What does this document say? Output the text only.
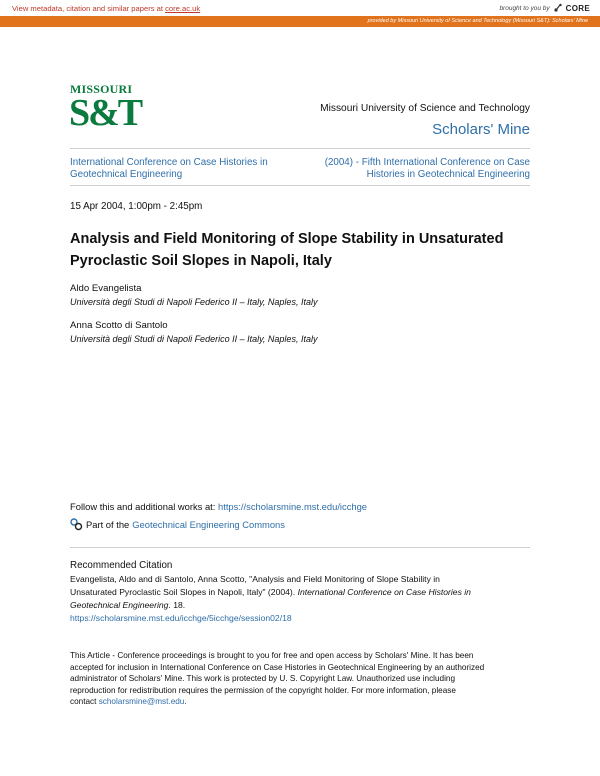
View metadata, citation and similar papers at core.ac.uk	brought to you by CORE
provided by Missouri University of Science and Technology (Missouri S&T): Scholars' Mine
MISSOURI
S&T	Missouri University of Science and Technology
Scholars' Mine
International Conference on Case Histories in
Geotechnical Engineering
(2004) - Fifth International Conference on Case
Histories in Geotechnical Engineering
15 Apr 2004, 1:00pm - 2:45pm
Analysis and Field Monitoring of Slope Stability in Unsaturated Pyroclastic Soil Slopes in Napoli, Italy
Aldo Evangelista
Università degli Studi di Napoli Federico II – Italy, Naples, Italy
Anna Scotto di Santolo
Università degli Studi di Napoli Federico II – Italy, Naples, Italy
Follow this and additional works at: https://scholarsmine.mst.edu/icchge
Part of the Geotechnical Engineering Commons
Recommended Citation
Evangelista, Aldo and di Santolo, Anna Scotto, "Analysis and Field Monitoring of Slope Stability in
Unsaturated Pyroclastic Soil Slopes in Napoli, Italy" (2004). International Conference on Case Histories in
Geotechnical Engineering. 18.
https://scholarsmine.mst.edu/icchge/5icchge/session02/18
This Article - Conference proceedings is brought to you for free and open access by Scholars' Mine. It has been
accepted for inclusion in International Conference on Case Histories in Geotechnical Engineering by an authorized
administrator of Scholars' Mine. This work is protected by U. S. Copyright Law. Unauthorized use including
reproduction for redistribution requires the permission of the copyright holder. For more information, please
contact scholarsmine@mst.edu.
